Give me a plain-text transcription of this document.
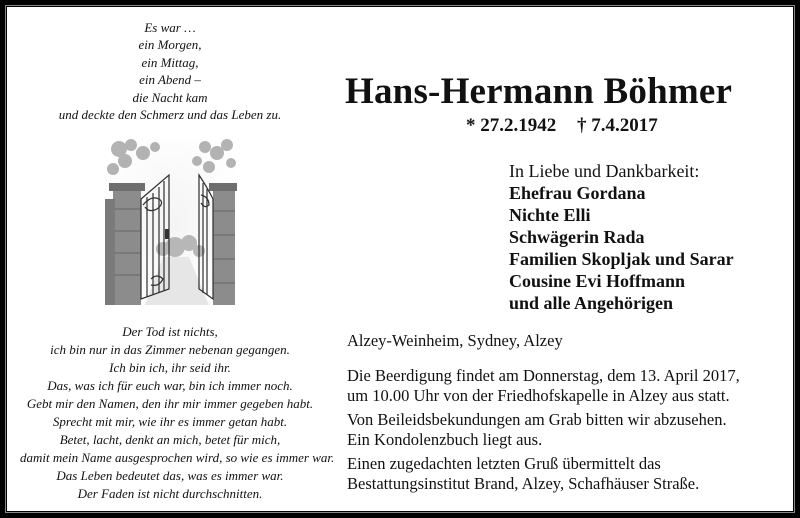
Es war …
ein Morgen,
ein Mittag,
ein Abend –
die Nacht kam
und deckte den Schmerz und das Leben zu.
Der Tod ist nichts,
ich bin nur in das Zimmer nebenan gegangen.
Ich bin ich, ihr seid ihr.
Das, was ich für euch war, bin ich immer noch.
Gebt mir den Namen, den ihr mir immer gegeben habt.
Sprecht mit mir, wie ihr es immer getan habt.
Betet, lacht, denkt an mich, betet für mich,
damit mein Name ausgesprochen wird, so wie es immer war.
Das Leben bedeutet das, was es immer war.
Der Faden ist nicht durchschnitten.
Hans-Hermann Böhmer
* 27.2.1942 † 7.4.2017
In Liebe und Dankbarkeit:
Ehefrau Gordana
Nichte Elli
Schwägerin Rada
Familien Skopljak und Sarar
Cousine Evi Hoffmann
und alle Angehörigen
Alzey-Weinheim, Sydney, Alzey
Die Beerdigung findet am Donnerstag, dem 13. April 2017,
um 10.00 Uhr von der Friedhofskapelle in Alzey aus statt.
Von Beileidsbekundungen am Grab bitten wir abzusehen.
Ein Kondolenzbuch liegt aus.
Einen zugedachten letzten Gruß übermittelt das
Bestattungsinstitut Brand, Alzey, Schafhäuser Straße.
